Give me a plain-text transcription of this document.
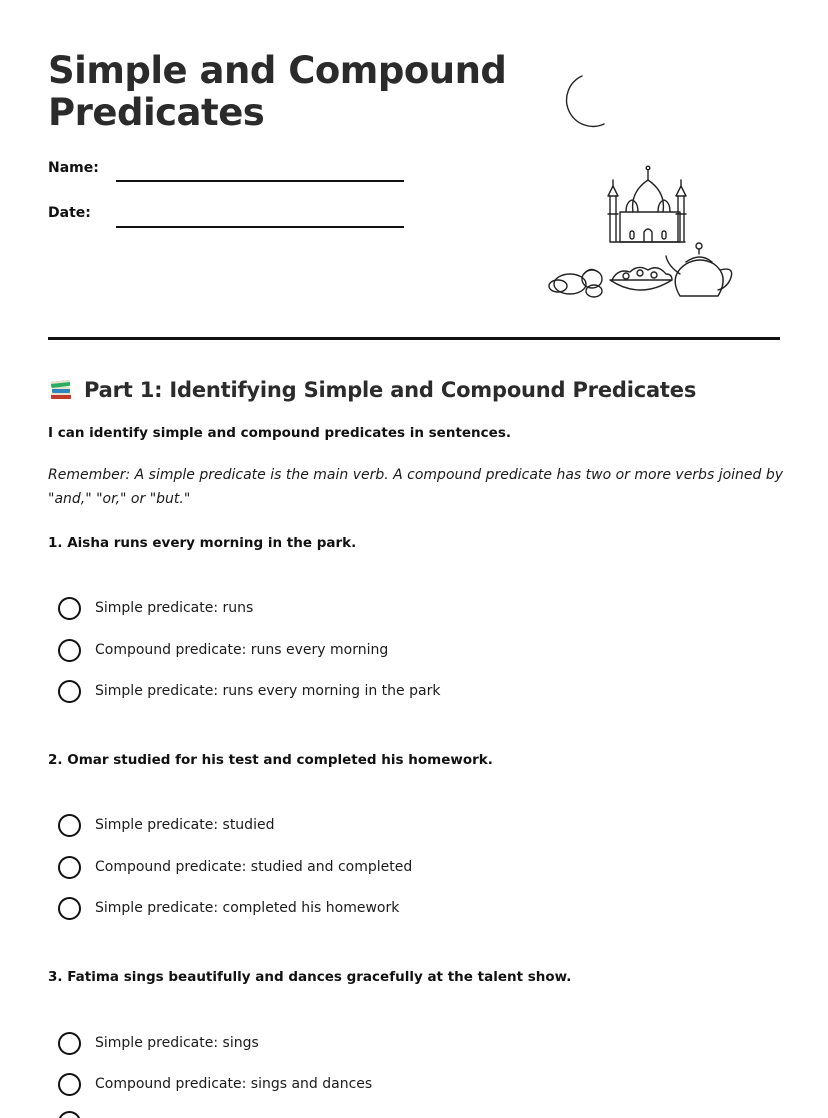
Simple and Compound Predicates
Name:
Date:
Part 1: Identifying Simple and Compound Predicates
I can identify simple and compound predicates in sentences.
Remember: A simple predicate is the main verb. A compound predicate has two or more verbs joined by "and," "or," or "but."
1. Aisha runs every morning in the park.
Simple predicate: runs
Compound predicate: runs every morning
Simple predicate: runs every morning in the park
2. Omar studied for his test and completed his homework.
Simple predicate: studied
Compound predicate: studied and completed
Simple predicate: completed his homework
3. Fatima sings beautifully and dances gracefully at the talent show.
Simple predicate: sings
Compound predicate: sings and dances
